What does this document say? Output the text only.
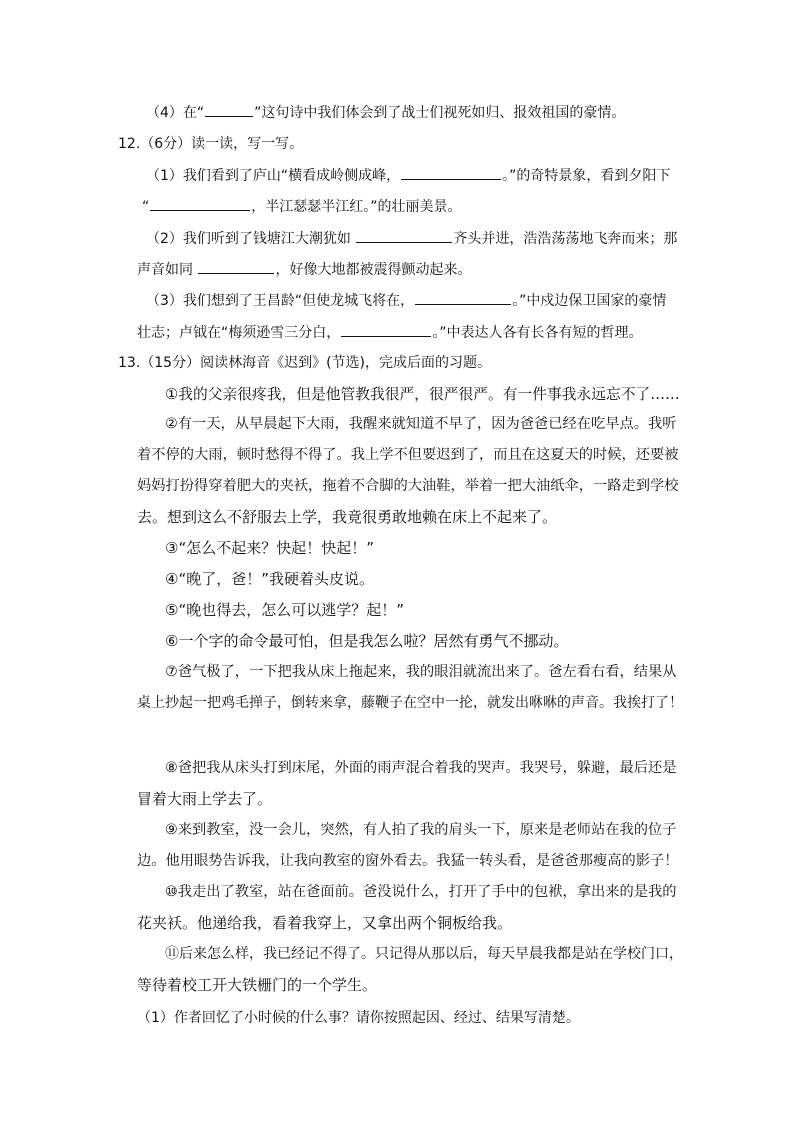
（4）在“	”这句诗中我们体会到了战士们视死如归、报效祖国的豪情。
12.（6分）读一读，写一写。
（1）我们看到了庐山“横看成岭侧成峰，	。”的奇特景象，看到夕阳下
“	，半江瑟瑟半江红。”的壮丽美景。
（2）我们听到了钱塘江大潮犹如	齐头并进，浩浩荡荡地飞奔而来；那
声音如同	，好像大地都被震得颤动起来。
（3）我们想到了王昌龄“但使龙城飞将在，	。”中戍边保卫国家的豪情
壮志；卢钺在“梅须逊雪三分白，	。”中表达人各有长各有短的哲理。
13.（15分）阅读林海音《迟到》(节选)，完成后面的习题。
①我的父亲很疼我，但是他管教我很严，很严很严。有一件事我永远忘不了……
②有一天，从早晨起下大雨，我醒来就知道不早了，因为爸爸已经在吃早点。我听
着不停的大雨，顿时愁得不得了。我上学不但要迟到了，而且在这夏天的时候，还要被
妈妈打扮得穿着肥大的夹袄，拖着不合脚的大油鞋，举着一把大油纸伞，一路走到学校
去。想到这么不舒服去上学，我竟很勇敢地赖在床上不起来了。
③“怎么不起来？快起！快起！”
④“晚了，爸！”我硬着头皮说。
⑤“晚也得去，怎么可以逃学？起！”
⑥一个字的命令最可怕，但是我怎么啦？居然有勇气不挪动。
⑦爸气极了，一下把我从床上拖起来，我的眼泪就流出来了。爸左看右看，结果从
桌上抄起一把鸡毛掸子，倒转来拿，藤鞭子在空中一抡，就发出咻咻的声音。我挨打了！
⑧爸把我从床头打到床尾，外面的雨声混合着我的哭声。我哭号，躲避，最后还是
冒着大雨上学去了。
⑨来到教室，没一会儿，突然，有人拍了我的肩头一下，原来是老师站在我的位子
边。他用眼势告诉我，让我向教室的窗外看去。我猛一转头看，是爸爸那瘦高的影子！
⑩我走出了教室，站在爸面前。爸没说什么，打开了手中的包袱，拿出来的是我的
花夹袄。他递给我，看着我穿上，又拿出两个铜板给我。
⑪后来怎么样，我已经记不得了。只记得从那以后，每天早晨我都是站在学校门口，
等待着校工开大铁栅门的一个学生。
（1）作者回忆了小时候的什么事？请你按照起因、经过、结果写清楚。
